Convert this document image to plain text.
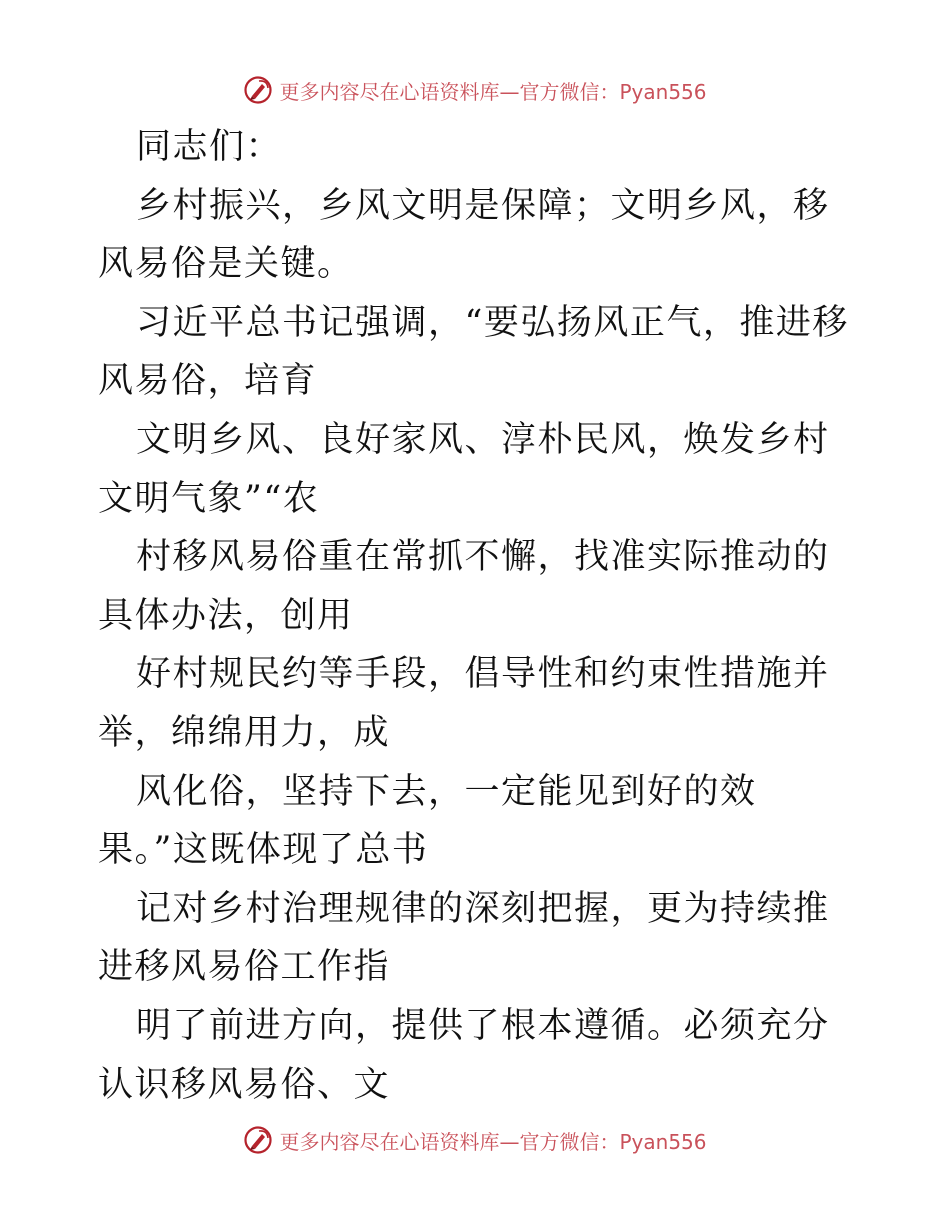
更多内容尽在心语资料库—官方微信：Pyan556

同志们：

乡村振兴，乡风文明是保障；文明乡风，移风易俗是关键。

习近平总书记强调，“要弘扬风正气，推进移风易俗，培育

文明乡风、良好家风、淳朴民风，焕发乡村文明气象”“农

村移风易俗重在常抓不懈，找准实际推动的具体办法，创用

好村规民约等手段，倡导性和约束性措施并举，绵绵用力，成

风化俗，坚持下去，一定能见到好的效果。”这既体现了总书

记对乡村治理规律的深刻把握，更为持续推进移风易俗工作指

明了前进方向，提供了根本遵循。必须充分认识移风易俗、文

更多内容尽在心语资料库—官方微信：Pyan556
